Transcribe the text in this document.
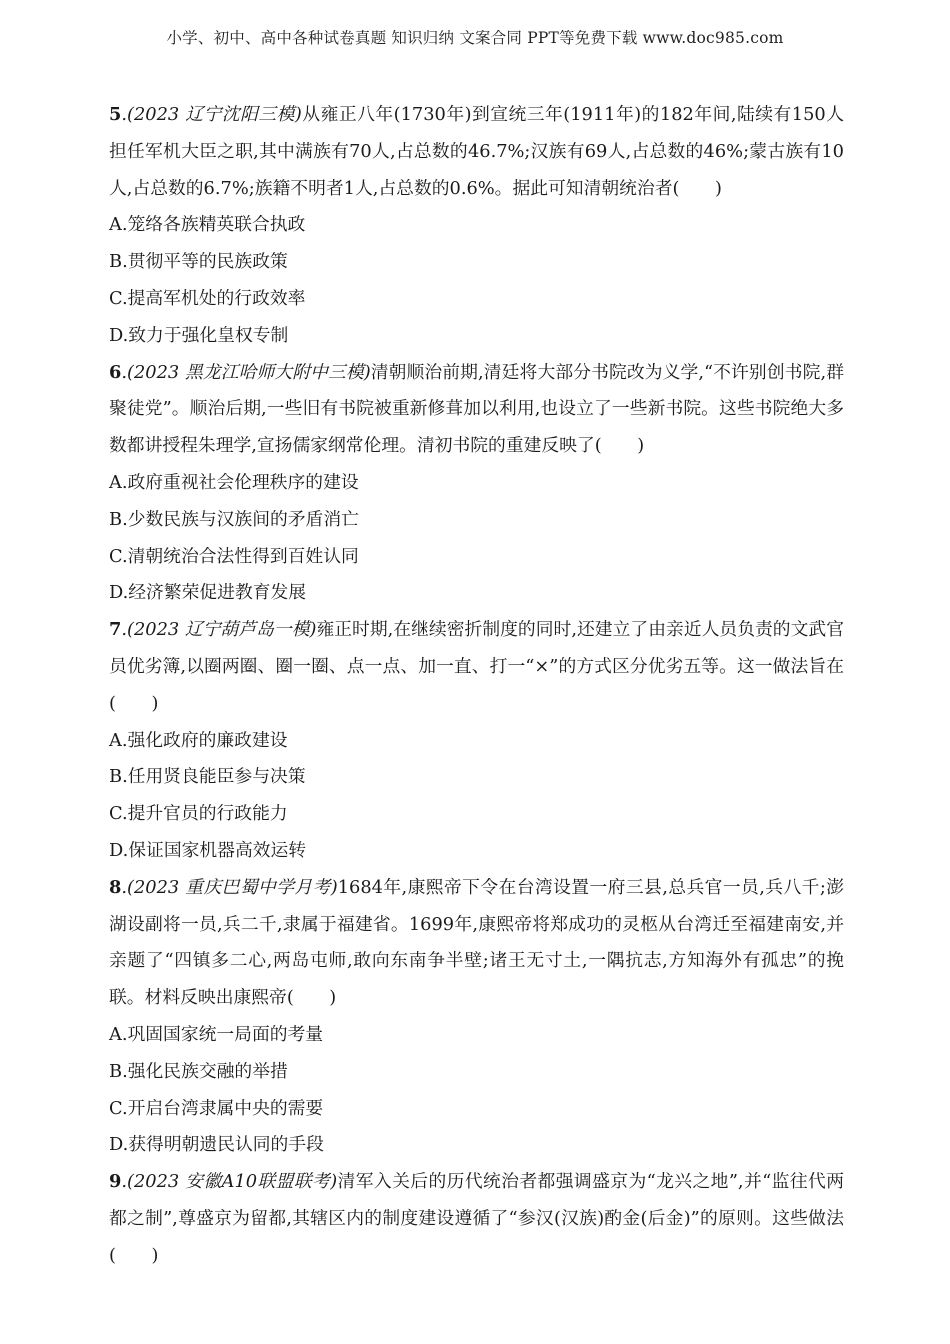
小学、初中、高中各种试卷真题 知识归纳 文案合同 PPT等免费下载 www.doc985.com
5.(2023 辽宁沈阳三模)从雍正八年(1730年)到宣统三年(1911年)的182年间,陆续有150人担任军机大臣之职,其中满族有70人,占总数的46.7%;汉族有69人,占总数的46%;蒙古族有10人,占总数的6.7%;族籍不明者1人,占总数的0.6%。据此可知清朝统治者(　　)
A.笼络各族精英联合执政
B.贯彻平等的民族政策
C.提高军机处的行政效率
D.致力于强化皇权专制
6.(2023 黑龙江哈师大附中三模)清朝顺治前期,清廷将大部分书院改为义学,“不许别创书院,群聚徒党”。顺治后期,一些旧有书院被重新修葺加以利用,也设立了一些新书院。这些书院绝大多数都讲授程朱理学,宣扬儒家纲常伦理。清初书院的重建反映了(　　)
A.政府重视社会伦理秩序的建设
B.少数民族与汉族间的矛盾消亡
C.清朝统治合法性得到百姓认同
D.经济繁荣促进教育发展
7.(2023 辽宁葫芦岛一模)雍正时期,在继续密折制度的同时,还建立了由亲近人员负责的文武官员优劣簿,以圈两圈、圈一圈、点一点、加一直、打一“×”的方式区分优劣五等。这一做法旨在(　　)
A.强化政府的廉政建设
B.任用贤良能臣参与决策
C.提升官员的行政能力
D.保证国家机器高效运转
8.(2023 重庆巴蜀中学月考)1684年,康熙帝下令在台湾设置一府三县,总兵官一员,兵八千;澎湖设副将一员,兵二千,隶属于福建省。1699年,康熙帝将郑成功的灵柩从台湾迁至福建南安,并亲题了“四镇多二心,两岛屯师,敢向东南争半壁;诸王无寸土,一隅抗志,方知海外有孤忠”的挽联。材料反映出康熙帝(　　)
A.巩固国家统一局面的考量
B.强化民族交融的举措
C.开启台湾隶属中央的需要
D.获得明朝遗民认同的手段
9.(2023 安徽A10联盟联考)清军入关后的历代统治者都强调盛京为“龙兴之地”,并“监往代两都之制”,尊盛京为留都,其辖区内的制度建设遵循了“参汉(汉族)酌金(后金)”的原则。这些做法(　　)
